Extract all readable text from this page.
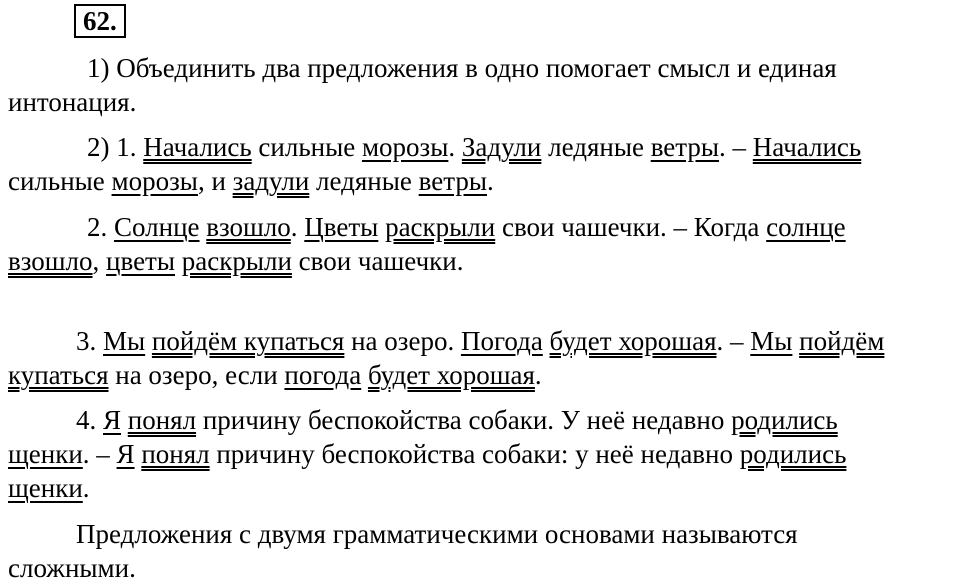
62.
1) Объединить два предложения в одно помогает смысл и единая
интонация.
2) 1. Начались сильные морозы. Задули ледяные ветры. – Начались
сильные морозы, и задули ледяные ветры.
2. Солнце взошло. Цветы раскрыли свои чашечки. – Когда солнце
взошло, цветы раскрыли свои чашечки.
3. Мы пойдём купаться на озеро. Погода будет хорошая. – Мы пойдём
купаться на озеро, если погода будет хорошая.
4. Я понял причину беспокойства собаки. У неё недавно родились
щенки. – Я понял причину беспокойства собаки: у неё недавно родились
щенки.
Предложения с двумя грамматическими основами называются
сложными.
